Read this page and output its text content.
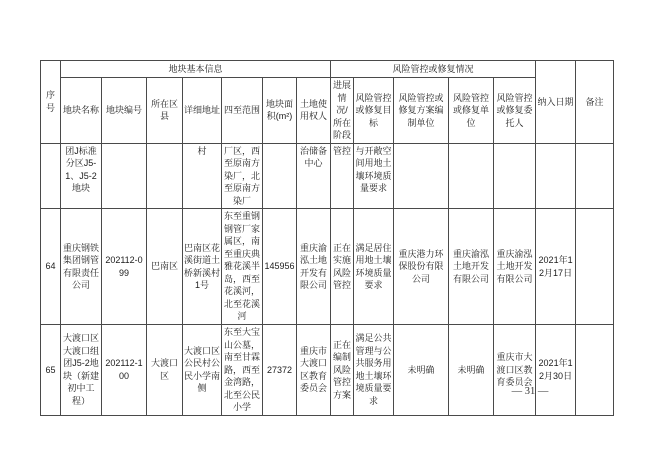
序号	地块基本信息							风险管控或修复情况					纳入日期	备注
	地块名称	地块编号	所在区县	详细地址	四至范围	地块面积(m²)	土地使用权人	进展情况/所在阶段	风险管控或修复目标	风险管控或修复方案编制单位	风险管控或修复单位	风险管控或修复委托人		
	团J标准分区J5-1、J5-2地块			村	厂区，西至原南方染厂，北至原南方染厂		治储备中心	管控	与开敞空间用地土壤环境质量要求					
64	重庆钢铁集团钢管有限责任公司	202112-099	巴南区	巴南区花溪街道土桥新溪村1号	东至重钢钢管厂家属区，南至重庆典雅花溪半岛，西至花溪河，北至花溪河	145956	重庆渝泓土地开发有限公司	正在实施风险管控	满足居住用地土壤环境质量要求	重庆港力环保股份有限公司	重庆渝泓土地开发有限公司	重庆渝泓土地开发有限公司	2021年12月17日	
65	大渡口区大渡口组团J5-2地块（新建初中工程）	202112-100	大渡口区	大渡口区公民村公民小学南侧	东至大宝山公墓，南至甘霖路，西至金湾路，北至公民小学	27372	重庆市大渡口区教育委员会	正在编制风险管控方案	满足公共管理与公共服务用地土壤环境质量要求	未明确	未明确	重庆市大渡口区教育委员会	2021年12月30日	
— 31 —
